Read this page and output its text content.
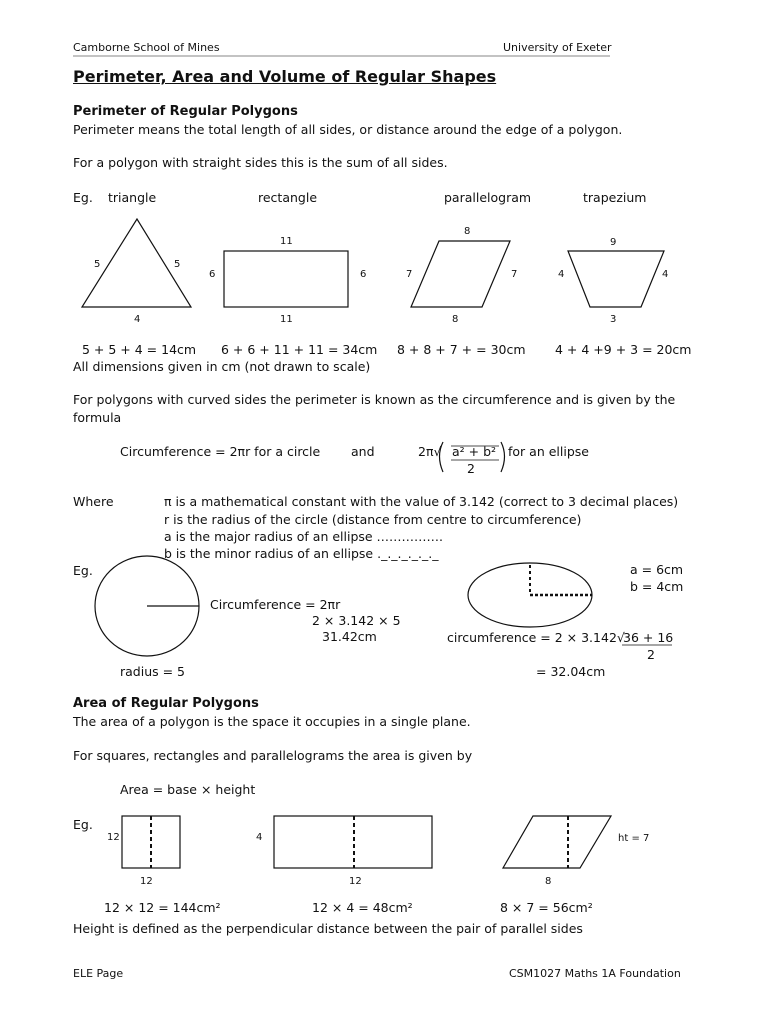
Camborne School of Mines	University of Exeter
Perimeter, Area and Volume of Regular Shapes
Perimeter of Regular Polygons
Perimeter means the total length of all sides, or distance around the edge of a polygon.
For a polygon with straight sides this is the sum of all sides.
Eg. triangle	rectangle	parallelogram	trapezium
5	5
4
11
6	6
11
8
7	7
8
9
4	4
3
5 + 5 + 4 = 14cm 6 + 6 + 11 + 11 = 34cm 8 + 8 + 7 + = 30cm 4 + 4 +9 + 3 = 20cm
All dimensions given in cm (not drawn to scale)
For polygons with curved sides the perimeter is known as the circumference and is given by the
formula
Circumference = 2πr for a circle and	2π√ a² + b²
2
for an ellipse
Where	π is a mathematical constant with the value of 3.142 (correct to 3 decimal places)
r is the radius of the circle (distance from centre to circumference)
a is the major radius of an ellipse …………….
b is the minor radius of an ellipse ._._._._._._
Eg.
Circumference = 2πr
2 × 3.142 × 5
31.42cm
radius = 5
a = 6cm
b = 4cm
circumference = 2 × 3.142√
36 + 16
2
= 32.04cm
Area of Regular Polygons
The area of a polygon is the space it occupies in a single plane.
For squares, rectangles and parallelograms the area is given by
Area = base × height
Eg.
12
12
4
12
ht = 7
8
12 × 12 = 144cm²	12 × 4 = 48cm²	8 × 7 = 56cm²
Height is defined as the perpendicular distance between the pair of parallel sides
ELE Page	CSM1027 Maths 1A Foundation
